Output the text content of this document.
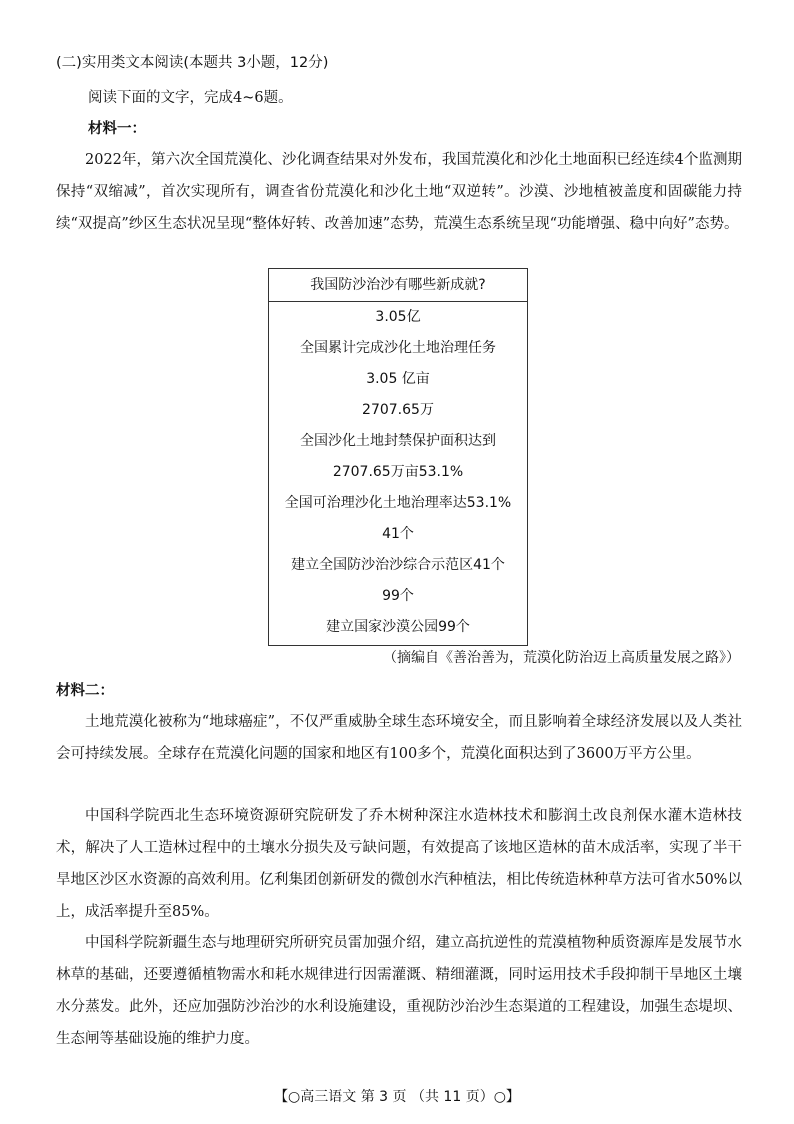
(二)实用类文本阅读(本题共 3小题，12分)
阅读下面的文字，完成4~6题。
材料一：

2022年，第六次全国荒漠化、沙化调查结果对外发布，我国荒漠化和沙化土地面积已经连续4个监测期保持“双缩减”，首次实现所有，调查省份荒漠化和沙化土地“双逆转”。沙漠、沙地植被盖度和固碳能力持续“双提高”纱区生态状况呈现“整体好转、改善加速”态势，荒漠生态系统呈现“功能增强、稳中向好”态势。

我国防沙治沙有哪些新成就?
3.05亿
全国累计完成沙化土地治理任务
3.05 亿亩
2707.65万
全国沙化土地封禁保护面积达到
2707.65万亩53.1%
全国可治理沙化土地治理率达53.1%
41个
建立全国防沙治沙综合示范区41个
99个
建立国家沙漠公园99个
（摘编自《善治善为，荒漠化防治迈上高质量发展之路》）
材料二：

土地荒漠化被称为“地球癌症”，不仅严重威胁全球生态环境安全，而且影响着全球经济发展以及人类社会可持续发展。全球存在荒漠化问题的国家和地区有100多个，荒漠化面积达到了3600万平方公里。

中国科学院西北生态环境资源研究院研发了乔木树种深注水造林技术和膨润土改良剂保水灌木造林技术，解决了人工造林过程中的土壤水分损失及亏缺问题，有效提高了该地区造林的苗木成活率，实现了半干旱地区沙区水资源的高效利用。亿利集团创新研发的微创水汽种植法，相比传统造林种草方法可省水50%以上，成活率提升至85%。

中国科学院新疆生态与地理研究所研究员雷加强介绍，建立高抗逆性的荒漠植物种质资源库是发展节水林草的基础，还要遵循植物需水和耗水规律进行因需灌溉、精细灌溉，同时运用技术手段抑制干旱地区土壤水分蒸发。此外，还应加强防沙治沙的水利设施建设，重视防沙治沙生态渠道的工程建设，加强生态堤坝、生态闸等基础设施的维护力度。

【○高三语文 第 3 页 （共 11 页）○】
